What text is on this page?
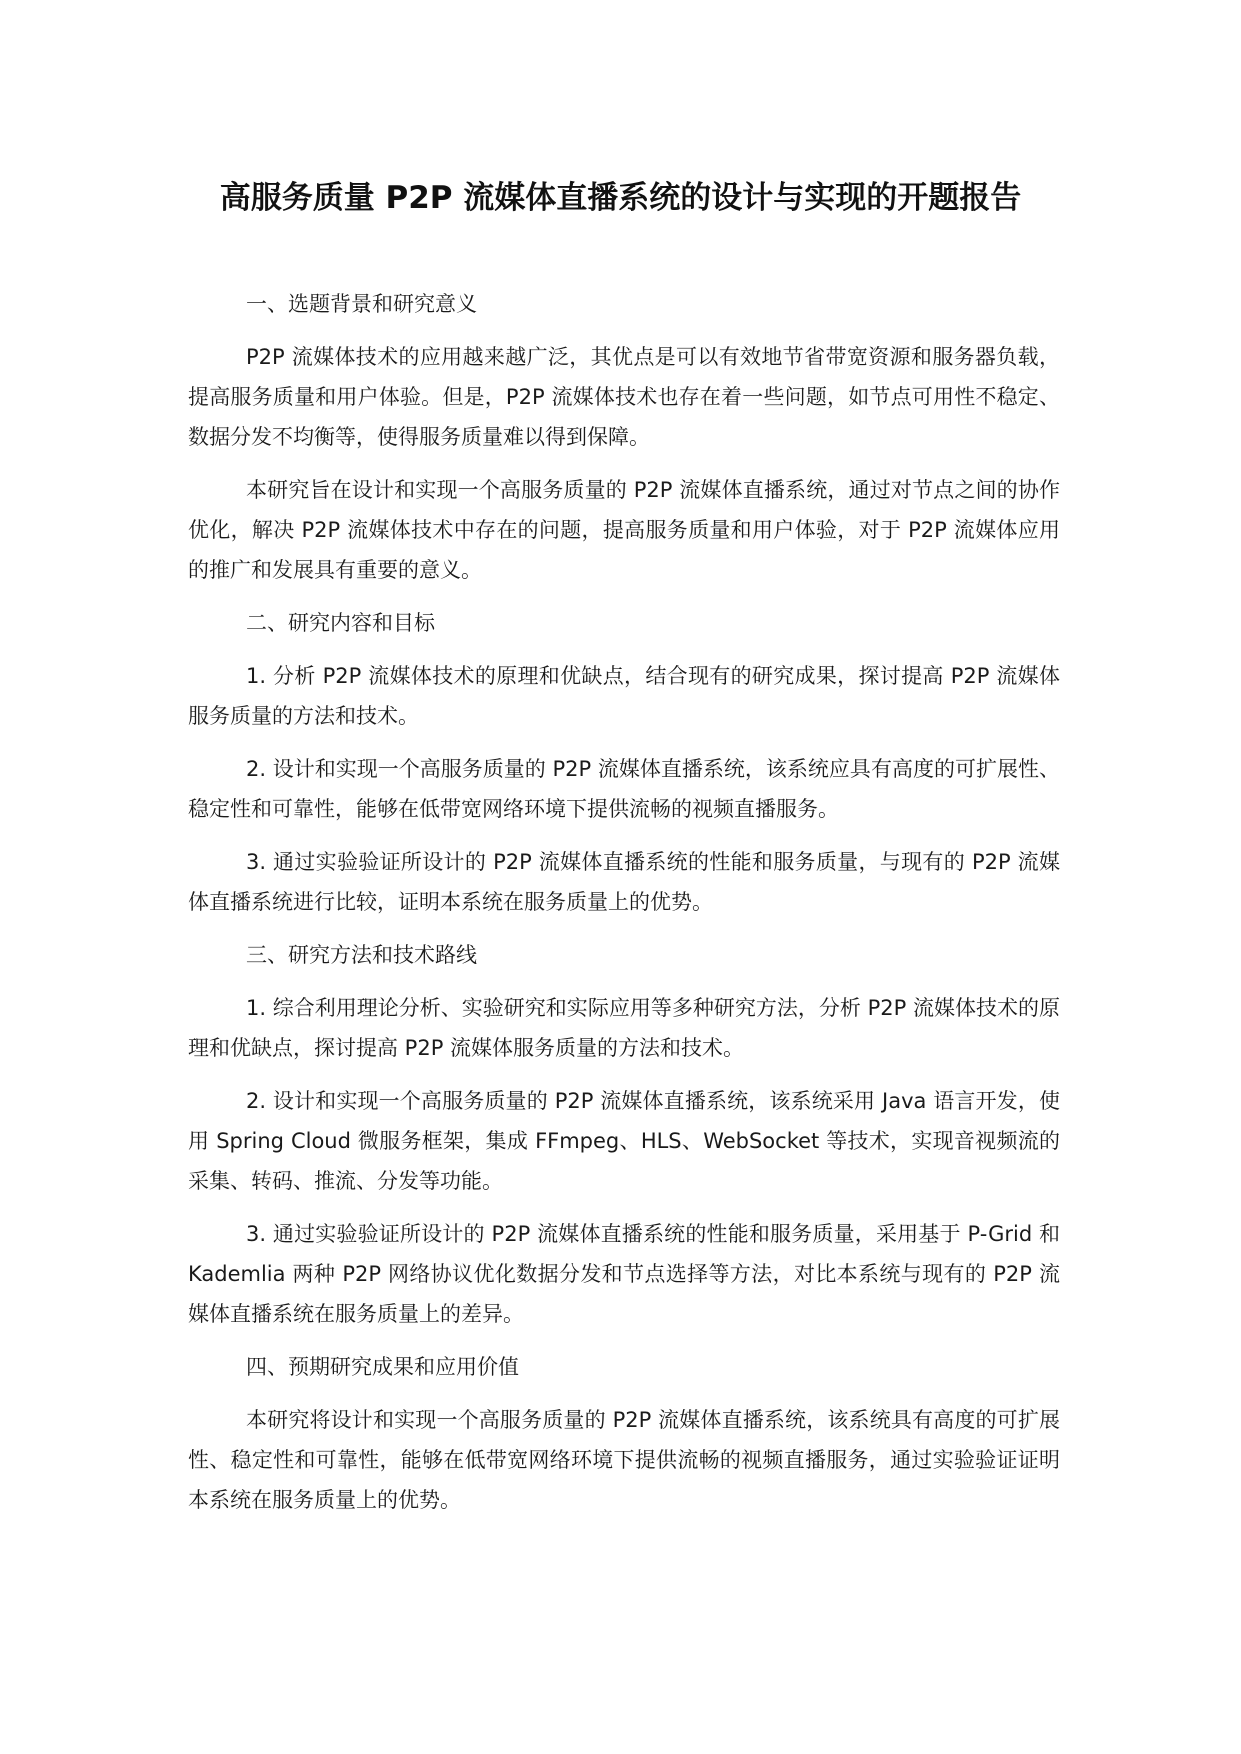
高服务质量 P2P 流媒体直播系统的设计与实现的开题报告
一、选题背景和研究意义

P2P 流媒体技术的应用越来越广泛，其优点是可以有效地节省带宽资源和服务器负载，提高服务质量和用户体验。但是，P2P 流媒体技术也存在着一些问题，如节点可用性不稳定、数据分发不均衡等，使得服务质量难以得到保障。

本研究旨在设计和实现一个高服务质量的 P2P 流媒体直播系统，通过对节点之间的协作优化，解决 P2P 流媒体技术中存在的问题，提高服务质量和用户体验，对于 P2P 流媒体应用的推广和发展具有重要的意义。

二、研究内容和目标

1. 分析 P2P 流媒体技术的原理和优缺点，结合现有的研究成果，探讨提高 P2P 流媒体服务质量的方法和技术。

2. 设计和实现一个高服务质量的 P2P 流媒体直播系统，该系统应具有高度的可扩展性、稳定性和可靠性，能够在低带宽网络环境下提供流畅的视频直播服务。

3. 通过实验验证所设计的 P2P 流媒体直播系统的性能和服务质量，与现有的 P2P 流媒体直播系统进行比较，证明本系统在服务质量上的优势。

三、研究方法和技术路线

1. 综合利用理论分析、实验研究和实际应用等多种研究方法，分析 P2P 流媒体技术的原理和优缺点，探讨提高 P2P 流媒体服务质量的方法和技术。

2. 设计和实现一个高服务质量的 P2P 流媒体直播系统，该系统采用 Java 语言开发，使用 Spring Cloud 微服务框架，集成 FFmpeg、HLS、WebSocket 等技术，实现音视频流的采集、转码、推流、分发等功能。

3. 通过实验验证所设计的 P2P 流媒体直播系统的性能和服务质量，采用基于 P-Grid 和 Kademlia 两种 P2P 网络协议优化数据分发和节点选择等方法，对比本系统与现有的 P2P 流媒体直播系统在服务质量上的差异。

四、预期研究成果和应用价值

本研究将设计和实现一个高服务质量的 P2P 流媒体直播系统，该系统具有高度的可扩展性、稳定性和可靠性，能够在低带宽网络环境下提供流畅的视频直播服务，通过实验验证证明本系统在服务质量上的优势。
